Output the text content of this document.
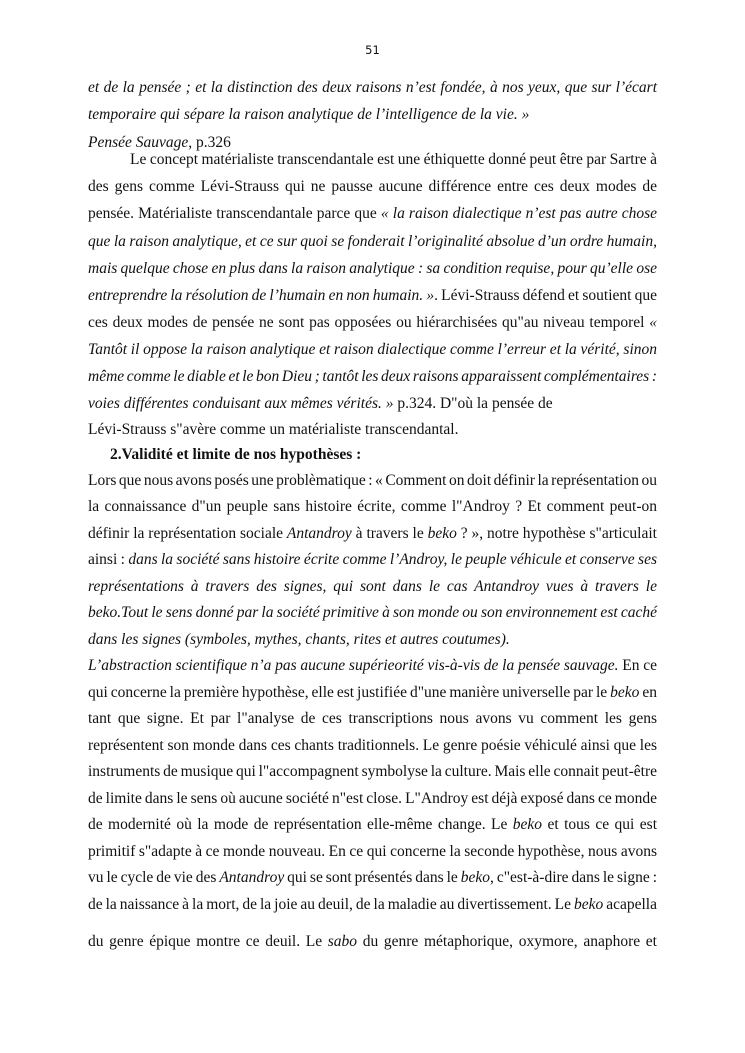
51
et de la pensée ; et la distinction des deux raisons n’est fondée, à nos yeux, que sur l’écart
temporaire qui sépare la raison analytique de l’intelligence de la vie. »
Pensée Sauvage, p.326
Le concept matérialiste transcendantale est une éthiquette donné peut être par Sartre à
des gens comme Lévi-Strauss qui ne pausse aucune différence entre ces deux modes de
pensée. Matérialiste transcendantale parce que « la raison dialectique n’est pas autre chose
que la raison analytique, et ce sur quoi se fonderait l’originalité absolue d’un ordre humain,
mais quelque chose en plus dans la raison analytique : sa condition requise, pour qu’elle ose
entreprendre la résolution de l’humain en non humain. ». Lévi-Strauss défend et soutient que
ces deux modes de pensée ne sont pas opposées ou hiérarchisées qu"au niveau temporel «
Tantôt il oppose la raison analytique et raison dialectique comme l’erreur et la vérité, sinon
même comme le diable et le bon Dieu ; tantôt les deux raisons apparaissent complémentaires :
voies différentes conduisant aux mêmes vérités. » p.324. D"où la pensée de
Lévi-Strauss s"avère comme un matérialiste transcendantal.
2.Validité et limite de nos hypothèses :
Lors que nous avons posés une problèmatique : « Comment on doit définir la représentation ou
la connaissance d"un peuple sans histoire écrite, comme l"Androy ? Et comment peut-on
définir la représentation sociale Antandroy à travers le beko ? », notre hypothèse s"articulait
ainsi : dans la société sans histoire écrite comme l’Androy, le peuple véhicule et conserve ses
représentations à travers des signes, qui sont dans le cas Antandroy vues à travers le
beko.Tout le sens donné par la société primitive à son monde ou son environnement est caché
dans les signes (symboles, mythes, chants, rites et autres coutumes).
L’abstraction scientifique n’a pas aucune supérieorité vis-à-vis de la pensée sauvage. En ce
qui concerne la première hypothèse, elle est justifiée d"une manière universelle par le beko en
tant que signe. Et par l"analyse de ces transcriptions nous avons vu comment les gens
représentent son monde dans ces chants traditionnels. Le genre poésie véhiculé ainsi que les
instruments de musique qui l"accompagnent symbolyse la culture. Mais elle connait peut-être
de limite dans le sens où aucune société n"est close. L"Androy est déjà exposé dans ce monde
de modernité où la mode de représentation elle-même change. Le beko et tous ce qui est
primitif s"adapte à ce monde nouveau. En ce qui concerne la seconde hypothèse, nous avons
vu le cycle de vie des Antandroy qui se sont présentés dans le beko, c"est-à-dire dans le signe :
de la naissance à la mort, de la joie au deuil, de la maladie au divertissement. Le beko acapella
du genre épique montre ce deuil. Le sabo du genre métaphorique, oxymore, anaphore et
